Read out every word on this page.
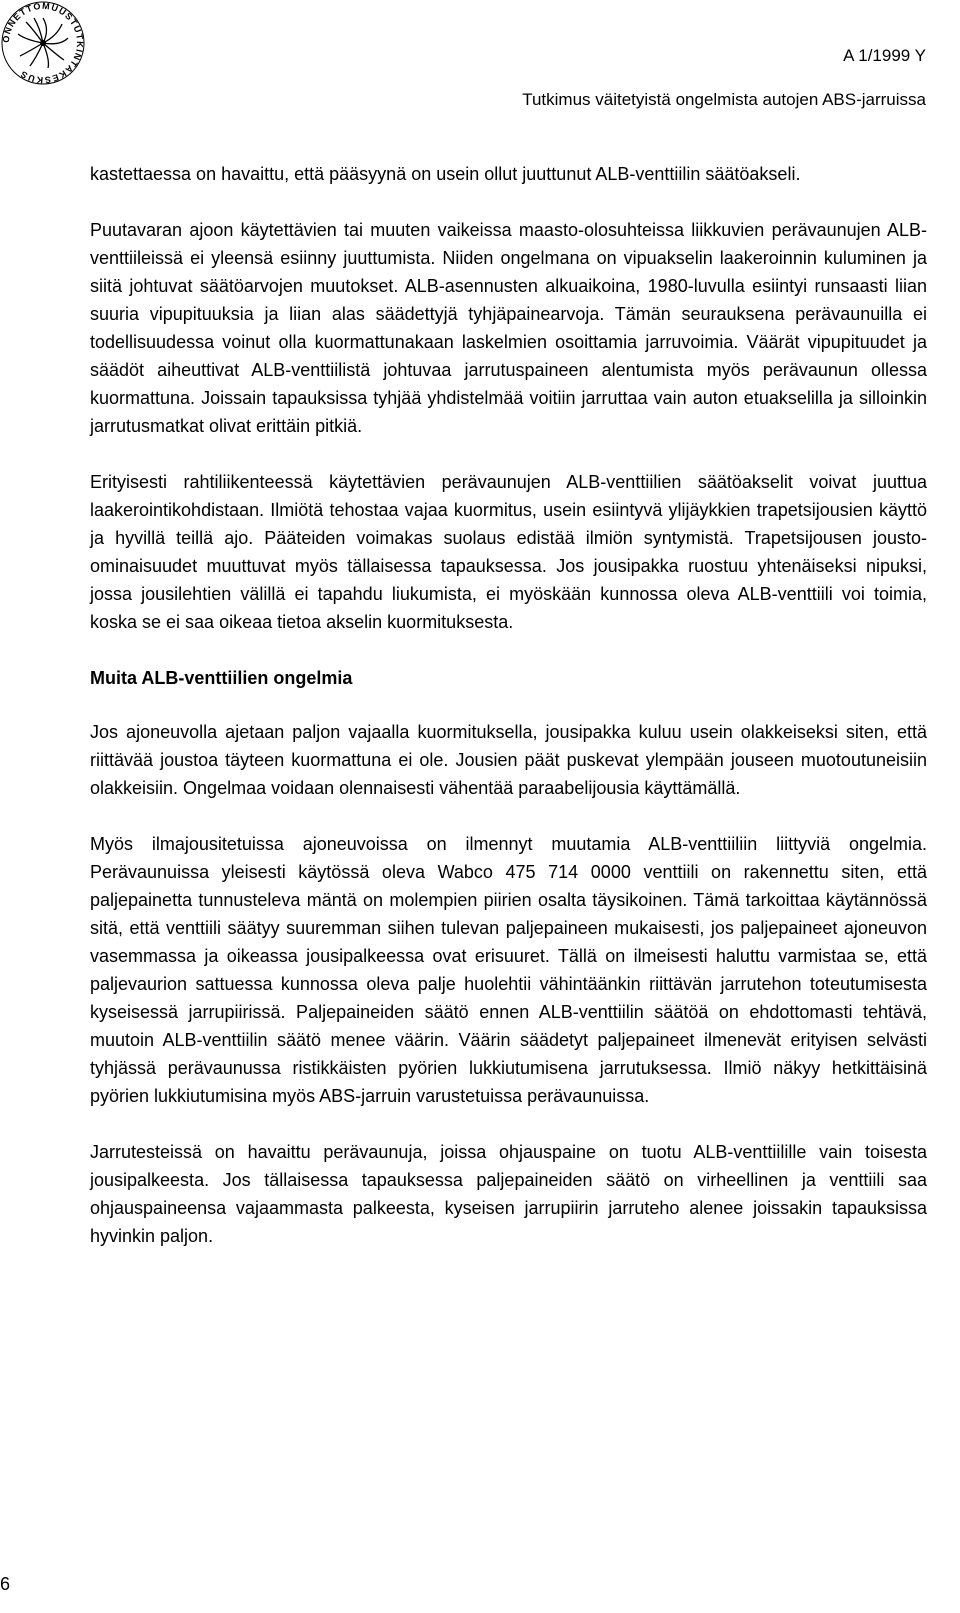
ONNETTOMUUSTUTKINTAKESKUS
A 1/1999 Y
Tutkimus väitetyistä ongelmista autojen ABS-jarruissa

kastettaessa on havaittu, että pääsyynä on usein ollut juuttunut ALB-venttiilin säätöakseli.

Puutavaran ajoon käytettävien tai muuten vaikeissa maasto-olosuhteissa liikkuvien perävaunujen ALB-venttiileissä ei yleensä esiinny juuttumista. Niiden ongelmana on vipuakselin laakeroinnin kuluminen ja siitä johtuvat säätöarvojen muutokset. ALB-asennusten alkuaikoina, 1980-luvulla esiintyi runsaasti liian suuria vipupituuksia ja liian alas säädettyjä tyhjäpainearvoja. Tämän seurauksena perävaunuilla ei todellisuudessa voinut olla kuormattunakaan laskelmien osoittamia jarruvoimia. Väärät vipupituudet ja säädöt aiheuttivat ALB-venttiilistä johtuvaa jarrutuspaineen alentumista myös perävaunun ollessa kuormattuna. Joissain tapauksissa tyhjää yhdistelmää voitiin jarruttaa vain auton etuakselilla ja silloinkin jarrutusmatkat olivat erittäin pitkiä.

Erityisesti rahtiliikenteessä käytettävien perävaunujen ALB-venttiilien säätöakselit voivat juuttua laakerointikohdistaan. Ilmiötä tehostaa vajaa kuormitus, usein esiintyvä ylijäykkien trapetsijousien käyttö ja hyvillä teillä ajo. Pääteiden voimakas suolaus edistää ilmiön syntymistä. Trapetsijousen jousto-ominaisuudet muuttuvat myös tällaisessa tapauksessa. Jos jousipakka ruostuu yhtenäiseksi nipuksi, jossa jousilehtien välillä ei tapahdu liukumista, ei myöskään kunnossa oleva ALB-venttiili voi toimia, koska se ei saa oikeaa tietoa akselin kuormituksesta.

Muita ALB-venttiilien ongelmia

Jos ajoneuvolla ajetaan paljon vajaalla kuormituksella, jousipakka kuluu usein olakkeiseksi siten, että riittävää joustoa täyteen kuormattuna ei ole. Jousien päät puskevat ylempään jouseen muotoutuneisiin olakkeisiin. Ongelmaa voidaan olennaisesti vähentää paraabelijousia käyttämällä.

Myös ilmajousitetuissa ajoneuvoissa on ilmennyt muutamia ALB-venttiiliin liittyviä ongelmia. Perävaunuissa yleisesti käytössä oleva Wabco 475 714 0000 venttiili on rakennettu siten, että paljepainetta tunnusteleva mäntä on molempien piirien osalta täysikoinen. Tämä tarkoittaa käytännössä sitä, että venttiili säätyy suuremman siihen tulevan paljepaineen mukaisesti, jos paljepaineet ajoneuvon vasemmassa ja oikeassa jousipalkeessa ovat erisuuret. Tällä on ilmeisesti haluttu varmistaa se, että paljevaurion sattuessa kunnossa oleva palje huolehtii vähintäänkin riittävän jarrutehon toteutumisesta kyseisessä jarrupiirissä. Paljepaineiden säätö ennen ALB-venttiilin säätöä on ehdottomasti tehtävä, muutoin ALB-venttiilin säätö menee väärin. Väärin säädetyt paljepaineet ilmenevät erityisen selvästi tyhjässä perävaunussa ristikkäisten pyörien lukkiutumisena jarrutuksessa. Ilmiö näkyy hetkittäisinä pyörien lukkiutumisina myös ABS-jarruin varustetuissa perävaunuissa.

Jarrutesteissä on havaittu perävaunuja, joissa ohjauspaine on tuotu ALB-venttiilille vain toisesta jousipalkeesta. Jos tällaisessa tapauksessa paljepaineiden säätö on virheellinen ja venttiili saa ohjauspaineensa vajaammasta palkeesta, kyseisen jarrupiirin jarruteho alenee joissakin tapauksissa hyvinkin paljon.

6
